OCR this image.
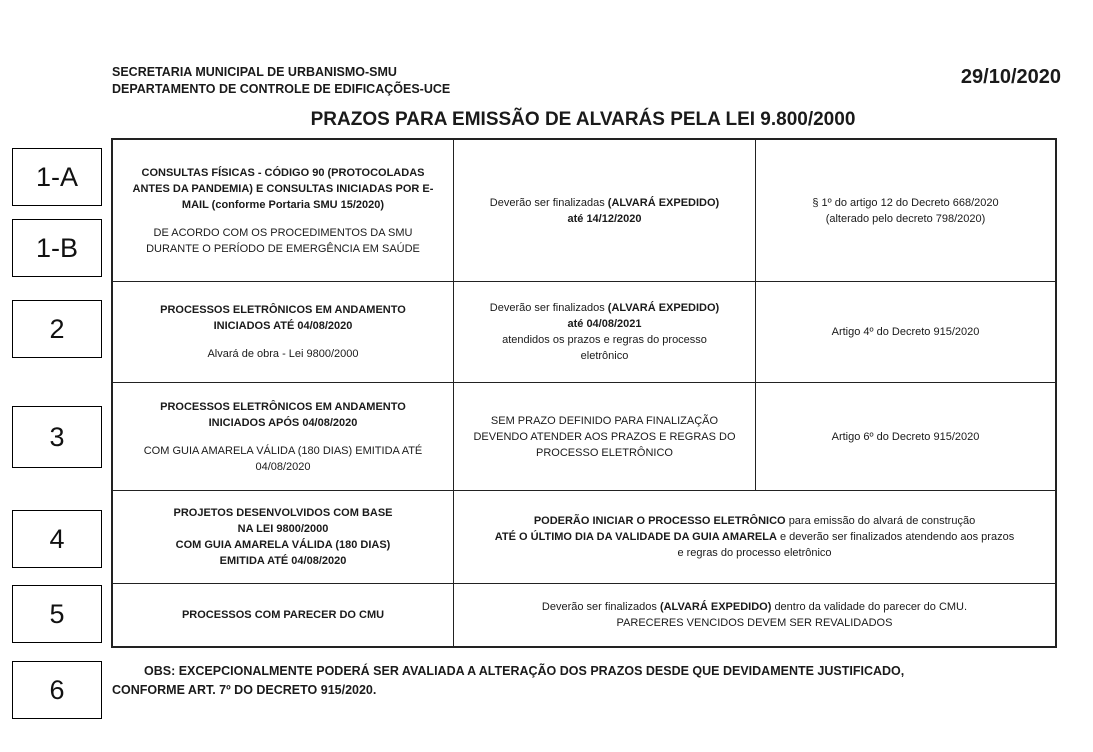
SECRETARIA MUNICIPAL DE URBANISMO-SMU
DEPARTAMENTO DE CONTROLE DE EDIFICAÇÕES-UCE
29/10/2020
PRAZOS PARA EMISSÃO DE ALVARÁS PELA LEI 9.800/2000
1-A
1-B
2
3
4
5
6
CONSULTAS FÍSICAS - CÓDIGO 90 (PROTOCOLADAS
ANTES DA PANDEMIA) E CONSULTAS INICIADAS POR E-
MAIL (conforme Portaria SMU 15/2020)
DE ACORDO COM OS PROCEDIMENTOS DA SMU
DURANTE O PERÍODO DE EMERGÊNCIA EM SAÚDE
Deverão ser finalizadas (ALVARÁ EXPEDIDO)
até 14/12/2020
§ 1º do artigo 12 do Decreto 668/2020
(alterado pelo decreto 798/2020)
PROCESSOS ELETRÔNICOS EM ANDAMENTO
INICIADOS ATÉ 04/08/2020
Alvará de obra - Lei 9800/2000
Deverão ser finalizados (ALVARÁ EXPEDIDO)
até 04/08/2021
atendidos os prazos e regras do processo
eletrônico
Artigo 4º do Decreto 915/2020
PROCESSOS ELETRÔNICOS EM ANDAMENTO
INICIADOS APÓS 04/08/2020
COM GUIA AMARELA VÁLIDA (180 DIAS) EMITIDA ATÉ
04/08/2020
SEM PRAZO DEFINIDO PARA FINALIZAÇÃO
DEVENDO ATENDER AOS PRAZOS E REGRAS DO
PROCESSO ELETRÔNICO
Artigo 6º do Decreto 915/2020
PROJETOS DESENVOLVIDOS COM BASE
NA LEI 9800/2000
COM GUIA AMARELA VÁLIDA (180 DIAS)
EMITIDA ATÉ 04/08/2020
PODERÃO INICIAR O PROCESSO ELETRÔNICO para emissão do alvará de construção
ATÉ O ÚLTIMO DIA DA VALIDADE DA GUIA AMARELA e deverão ser finalizados atendendo aos prazos
e regras do processo eletrônico
PROCESSOS COM PARECER DO CMU
Deverão ser finalizados (ALVARÁ EXPEDIDO) dentro da validade do parecer do CMU.
PARECERES VENCIDOS DEVEM SER REVALIDADOS
OBS: EXCEPCIONALMENTE PODERÁ SER AVALIADA A ALTERAÇÃO DOS PRAZOS DESDE QUE DEVIDAMENTE JUSTIFICADO,
CONFORME ART. 7º DO DECRETO 915/2020.
